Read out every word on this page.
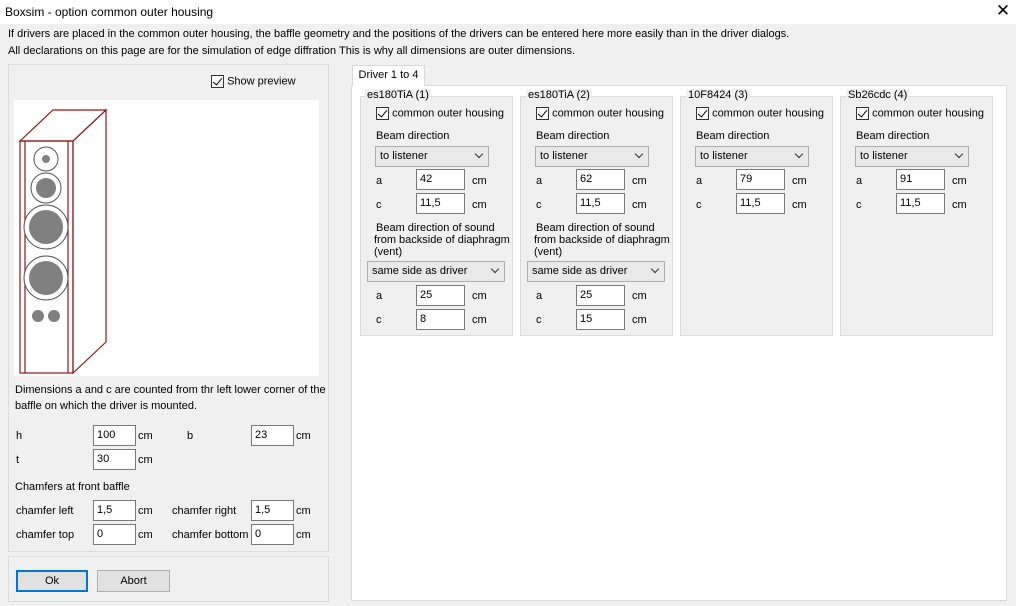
Boxsim - option common outer housing	✕
If drivers are placed in the common outer housing, the baffle geometry and the positions of the drivers can be entered here more easily than in the driver dialogs.
All declarations on this page are for the simulation of edge diffration This is why all dimensions are outer dimensions.
Show preview
Dimensions a and c are counted from thr left lower corner of the
baffle on which the driver is mounted.
h	100	cm	b	23	cm
t	30	cm
Chamfers at front baffle
chamfer left	1,5	cm chamfer right	1,5	cm
chamfer top	0	cm chamfer bottom 0	cm
Ok	Abort
Driver 1 to 4
es180TiA (1)
common outer housing
Beam direction
to listener
a	42	cm
c	11,5	cm
Beam direction of sound
from backside of diaphragm
(vent)
same side as driver
a	25	cm
c	8	cm
es180TiA (2)
common outer housing
Beam direction
to listener
a	62	cm
c	11,5	cm
Beam direction of sound
from backside of diaphragm
(vent)
same side as driver
a	25	cm
c	15	cm
10F8424 (3)
common outer housing
Beam direction
to listener
a	79	cm
c	11,5	cm
Sb26cdc (4)
common outer housing
Beam direction
to listener
a	91	cm
c	11,5	cm
